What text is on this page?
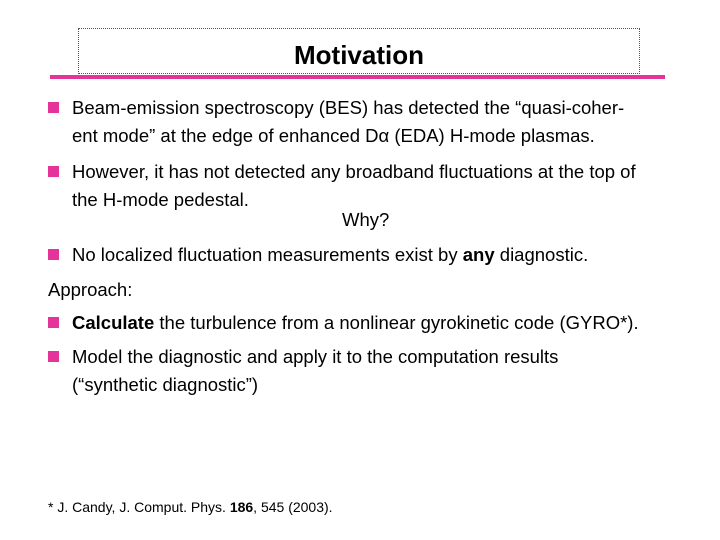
Motivation
Beam-emission spectroscopy (BES) has detected the “quasi-coher-
ent mode” at the edge of enhanced Dα (EDA) H-mode plasmas.
However, it has not detected any broadband fluctuations at the top of
the H-mode pedestal.
Why?
No localized fluctuation measurements exist by any diagnostic.
Approach:
Calculate the turbulence from a nonlinear gyrokinetic code (GYRO*).
Model the diagnostic and apply it to the computation results
(“synthetic diagnostic”)
* J. Candy, J. Comput. Phys. 186, 545 (2003).
